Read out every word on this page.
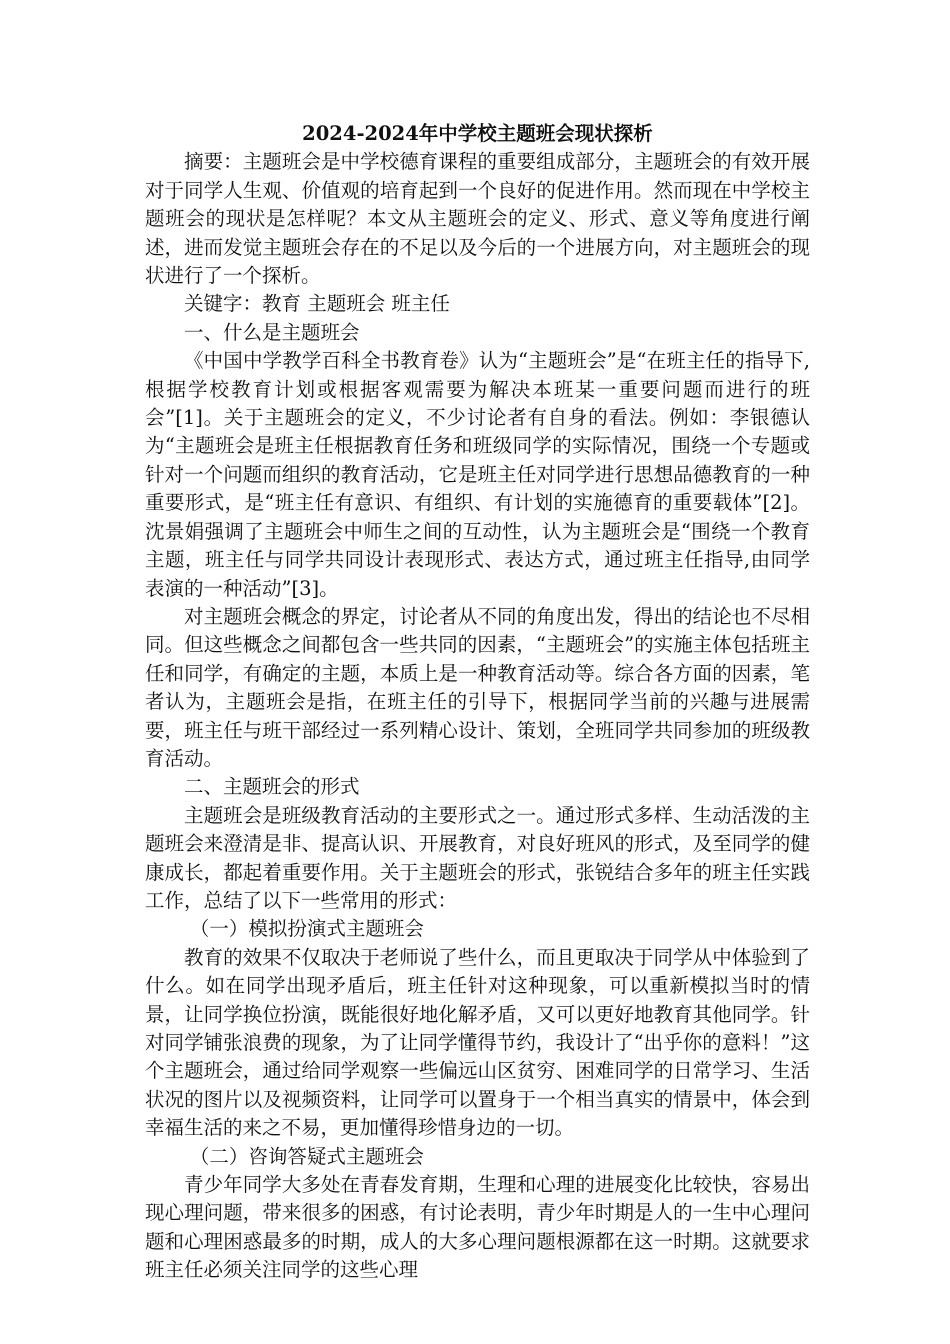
2024-2024年中学校主题班会现状探析

摘要：主题班会是中学校德育课程的重要组成部分，主题班会的有效开展对于同学人生观、价值观的培育起到一个良好的促进作用。然而现在中学校主题班会的现状是怎样呢？本文从主题班会的定义、形式、意义等角度进行阐述，进而发觉主题班会存在的不足以及今后的一个进展方向，对主题班会的现状进行了一个探析。

关键字：教育 主题班会 班主任

一、什么是主题班会

《中国中学教学百科全书教育卷》认为“主题班会”是“在班主任的指导下,根据学校教育计划或根据客观需要为解决本班某一重要问题而进行的班会”[1]。关于主题班会的定义，不少讨论者有自身的看法。例如：李银德认为“主题班会是班主任根据教育任务和班级同学的实际情况，围绕一个专题或针对一个问题而组织的教育活动，它是班主任对同学进行思想品德教育的一种重要形式，是“班主任有意识、有组织、有计划的实施德育的重要载体”[2]。沈景娟强调了主题班会中师生之间的互动性，认为主题班会是“围绕一个教育主题，班主任与同学共同设计表现形式、表达方式，通过班主任指导,由同学表演的一种活动”[3]。

对主题班会概念的界定，讨论者从不同的角度出发，得出的结论也不尽相同。但这些概念之间都包含一些共同的因素，“主题班会”的实施主体包括班主任和同学，有确定的主题，本质上是一种教育活动等。综合各方面的因素，笔者认为，主题班会是指，在班主任的引导下，根据同学当前的兴趣与进展需要，班主任与班干部经过一系列精心设计、策划，全班同学共同参加的班级教育活动。

二、主题班会的形式

主题班会是班级教育活动的主要形式之一。通过形式多样、生动活泼的主题班会来澄清是非、提高认识、开展教育，对良好班风的形式，及至同学的健康成长，都起着重要作用。关于主题班会的形式，张锐结合多年的班主任实践工作，总结了以下一些常用的形式：

（一）模拟扮演式主题班会

教育的效果不仅取决于老师说了些什么，而且更取决于同学从中体验到了什么。如在同学出现矛盾后，班主任针对这种现象，可以重新模拟当时的情景，让同学换位扮演，既能很好地化解矛盾，又可以更好地教育其他同学。针对同学铺张浪费的现象，为了让同学懂得节约，我设计了“出乎你的意料！”这个主题班会，通过给同学观察一些偏远山区贫穷、困难同学的日常学习、生活状况的图片以及视频资料，让同学可以置身于一个相当真实的情景中，体会到幸福生活的来之不易，更加懂得珍惜身边的一切。

（二）咨询答疑式主题班会

青少年同学大多处在青春发育期，生理和心理的进展变化比较快，容易出现心理问题，带来很多的困惑，有讨论表明，青少年时期是人的一生中心理问题和心理困惑最多的时期，成人的大多心理问题根源都在这一时期。这就要求班主任必须关注同学的这些心理
